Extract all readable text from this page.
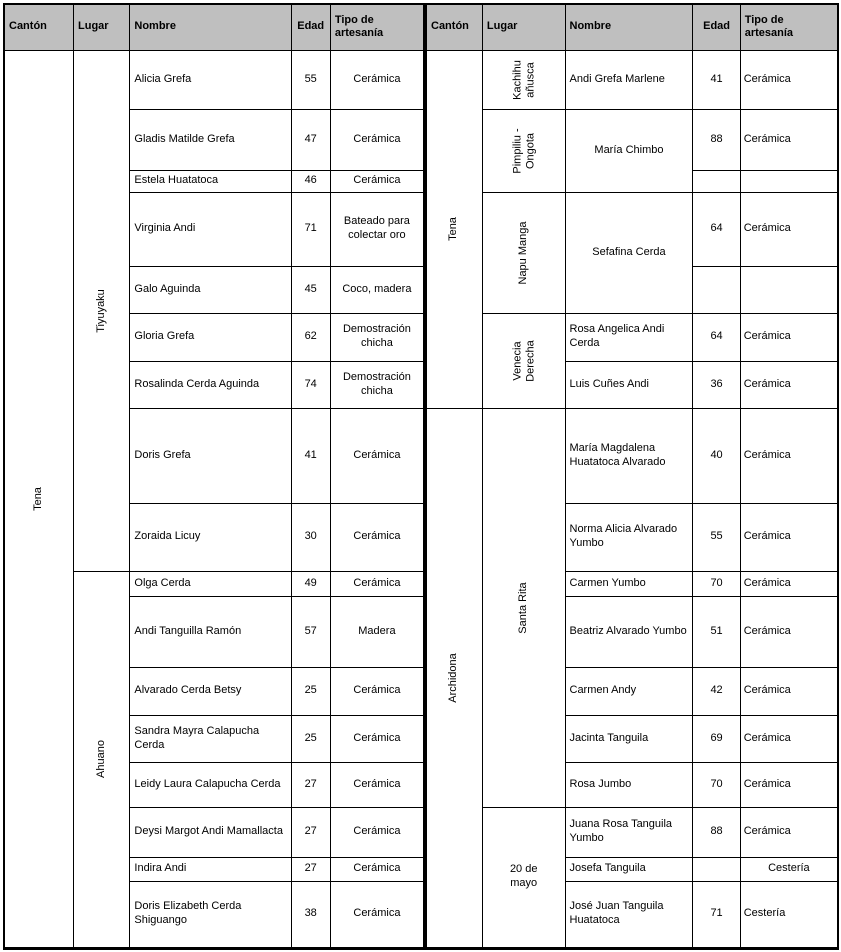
Cantón	Lugar	Nombre	Edad	Tipo de artesanía	Cantón	Lugar	Nombre	Edad	Tipo de artesanía

Tena	Tiyuyaku	Alicia Grefa	55	Cerámica	Tena	Kachihuañusca	Andi Grefa Marlene	41	Cerámica
		Gladis Matilde Grefa	47	Cerámica		Pimpiliu - Ongota	María Chimbo	88	Cerámica
		Estela Huatatoca	46	Cerámica					
		Virginia Andi	71	Bateado para colectar oro		Napu Manga	Sefafina Cerda	64	Cerámica
		Galo Aguinda	45	Coco, madera					
		Gloria Grefa	62	Demostración chicha		Venecia Derecha	Rosa Angelica Andi Cerda	64	Cerámica
		Rosalinda Cerda Aguinda	74	Demostración chicha			Luis Cuñes Andi	36	Cerámica
		Doris Grefa	41	Cerámica	Archidona	Santa Rita	María Magdalena Huatatoca Alvarado	40	Cerámica
		Zoraida Licuy	30	Cerámica			Norma Alicia Alvarado Yumbo	55	Cerámica

	Ahuano	Olga Cerda	49	Cerámica			Carmen Yumbo	70	Cerámica
		Andi Tanguilla Ramón	57	Madera			Beatriz Alvarado Yumbo	51	Cerámica
		Alvarado Cerda Betsy	25	Cerámica			Carmen Andy	42	Cerámica
		Sandra Mayra Calapucha Cerda	25	Cerámica			Jacinta Tanguila	69	Cerámica
		Leidy Laura Calapucha Cerda	27	Cerámica			Rosa Jumbo	70	Cerámica
		Deysi Margot Andi Mamallacta	27	Cerámica		20 de mayo	Juana Rosa Tanguila Yumbo	88	Cerámica
		Indira Andi	27	Cerámica			Josefa Tanguila		Cestería
		Doris Elizabeth Cerda Shiguango	38	Cerámica			José Juan Tanguila Huatatoca	71	Cestería
